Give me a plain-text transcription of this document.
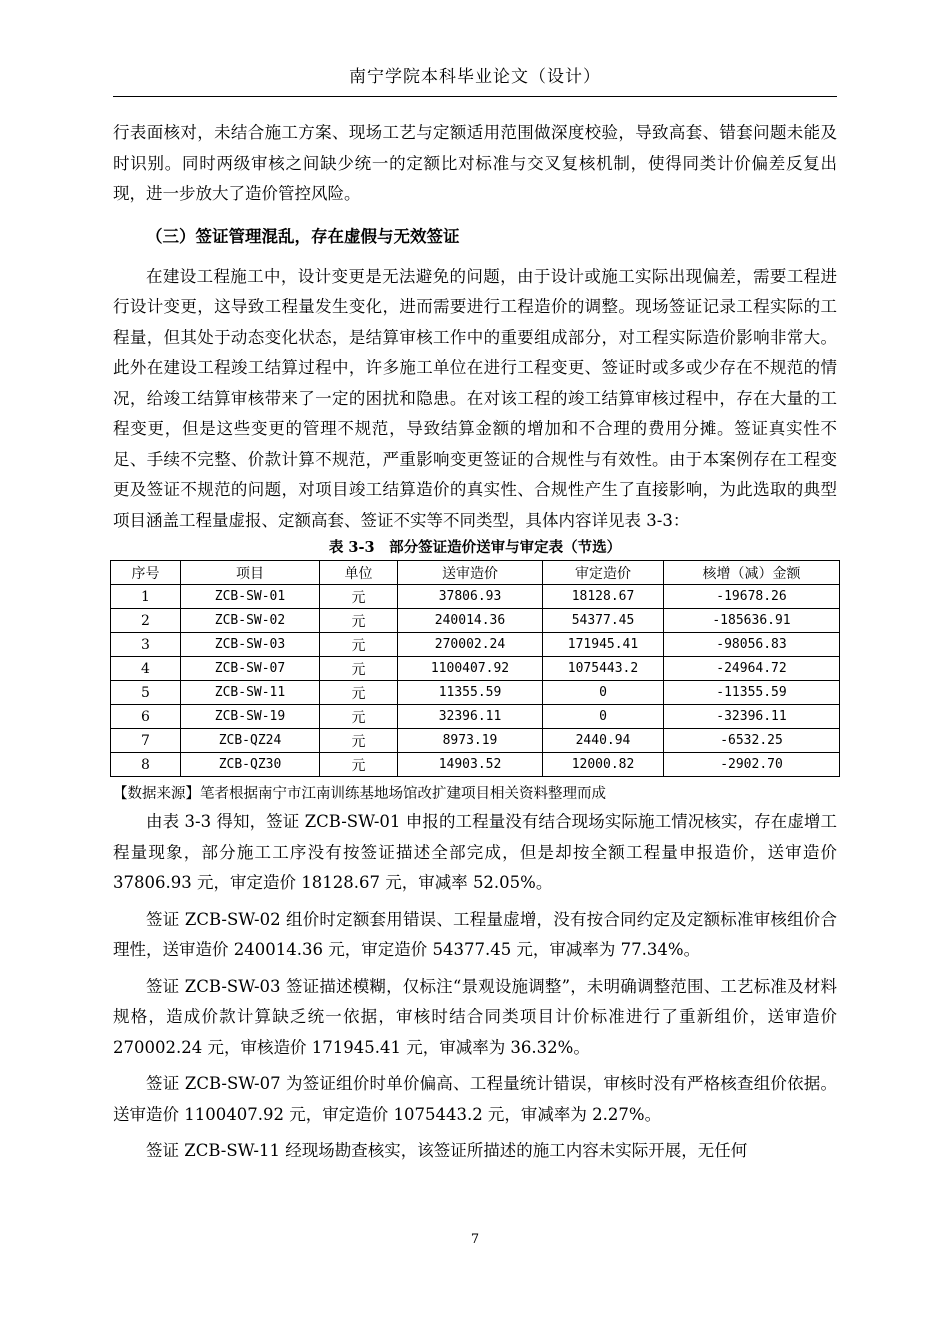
南宁学院本科毕业论文（设计）

行表面核对，未结合施工方案、现场工艺与定额适用范围做深度校验，导致高套、错套问题未能及时识别。同时两级审核之间缺少统一的定额比对标准与交叉复核机制，使得同类计价偏差反复出现，进一步放大了造价管控风险。

（三）签证管理混乱，存在虚假与无效签证

在建设工程施工中，设计变更是无法避免的问题，由于设计或施工实际出现偏差，需要工程进行设计变更，这导致工程量发生变化，进而需要进行工程造价的调整。现场签证记录工程实际的工程量，但其处于动态变化状态，是结算审核工作中的重要组成部分，对工程实际造价影响非常大。此外在建设工程竣工结算过程中，许多施工单位在进行工程变更、签证时或多或少存在不规范的情况，给竣工结算审核带来了一定的困扰和隐患。在对该工程的竣工结算审核过程中，存在大量的工程变更，但是这些变更的管理不规范，导致结算金额的增加和不合理的费用分摊。签证真实性不足、手续不完整、价款计算不规范，严重影响变更签证的合规性与有效性。由于本案例存在工程变更及签证不规范的问题，对项目竣工结算造价的真实性、合规性产生了直接影响，为此选取的典型项目涵盖工程量虚报、定额高套、签证不实等不同类型，具体内容详见表 3-3：

表 3-3　部分签证造价送审与审定表（节选）
序号	项目	单位	送审造价	审定造价	核增（减）金额
1	ZCB-SW-01	元	37806.93	18128.67	-19678.26
2	ZCB-SW-02	元	240014.36	54377.45	-185636.91
3	ZCB-SW-03	元	270002.24	171945.41	-98056.83
4	ZCB-SW-07	元	1100407.92	1075443.2	-24964.72
5	ZCB-SW-11	元	11355.59	0	-11355.59
6	ZCB-SW-19	元	32396.11	0	-32396.11
7	ZCB-QZ24	元	8973.19	2440.94	-6532.25
8	ZCB-QZ30	元	14903.52	12000.82	-2902.70
【数据来源】笔者根据南宁市江南训练基地场馆改扩建项目相关资料整理而成

由表 3-3 得知，签证 ZCB-SW-01 申报的工程量没有结合现场实际施工情况核实，存在虚增工程量现象，部分施工工序没有按签证描述全部完成，但是却按全额工程量申报造价，送审造价 37806.93 元，审定造价 18128.67 元，审减率 52.05%。

签证 ZCB-SW-02 组价时定额套用错误、工程量虚增，没有按合同约定及定额标准审核组价合理性，送审造价 240014.36 元，审定造价 54377.45 元，审减率为 77.34%。

签证 ZCB-SW-03 签证描述模糊，仅标注“景观设施调整”，未明确调整范围、工艺标准及材料规格，造成价款计算缺乏统一依据，审核时结合同类项目计价标准进行了重新组价，送审造价 270002.24 元，审核造价 171945.41 元，审减率为 36.32%。

签证 ZCB-SW-07 为签证组价时单价偏高、工程量统计错误，审核时没有严格核查组价依据。送审造价 1100407.92 元，审定造价 1075443.2 元，审减率为 2.27%。

签证 ZCB-SW-11 经现场勘查核实，该签证所描述的施工内容未实际开展，无任何

7
